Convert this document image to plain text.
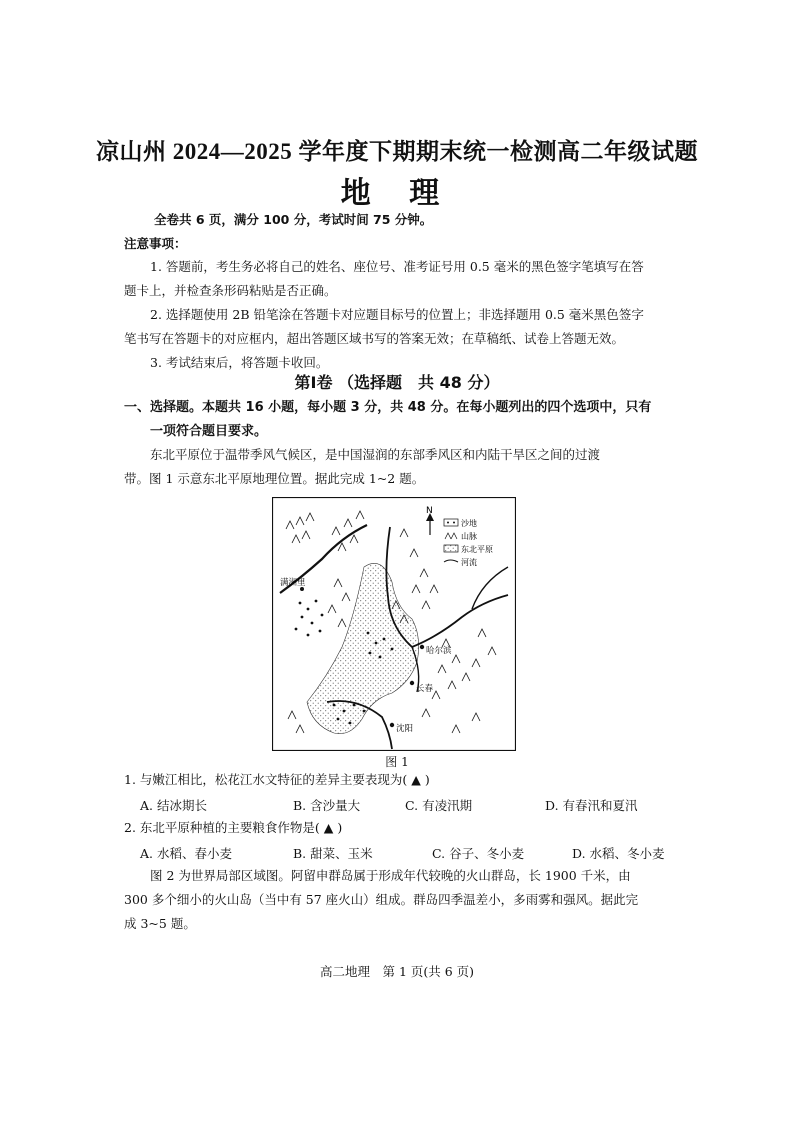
凉山州 2024—2025 学年度下期期末统一检测高二年级试题
地 理
全卷共 6 页，满分 100 分，考试时间 75 分钟。
注意事项：
1. 答题前，考生务必将自己的姓名、座位号、准考证号用 0.5 毫米的黑色签字笔填写在答
题卡上，并检查条形码粘贴是否正确。
2. 选择题使用 2B 铅笔涂在答题卡对应题目标号的位置上；非选择题用 0.5 毫米黑色签字
笔书写在答题卡的对应框内，超出答题区域书写的答案无效；在草稿纸、试卷上答题无效。
3. 考试结束后，将答题卡收回。
第Ⅰ卷 （选择题　共 48 分）
一、选择题。本题共 16 小题，每小题 3 分，共 48 分。在每小题列出的四个选项中，只有
一项符合题目要求。
东北平原位于温带季风气候区，是中国湿润的东部季风区和内陆干旱区之间的过渡
带。图 1 示意东北平原地理位置。据此完成 1~2 题。
满洲里
哈尔滨
长春
沈阳
N
沙地
山脉
东北平原
河流
图 1
1. 与嫩江相比，松花江水文特征的差异主要表现为( ▲ )
A. 结冰期长	B. 含沙量大	C. 有凌汛期	D. 有春汛和夏汛
2. 东北平原种植的主要粮食作物是( ▲ )
A. 水稻、春小麦	B. 甜菜、玉米	C. 谷子、冬小麦	D. 水稻、冬小麦
图 2 为世界局部区域图。阿留申群岛属于形成年代较晚的火山群岛，长 1900 千米，由
300 多个细小的火山岛（当中有 57 座火山）组成。群岛四季温差小，多雨雾和强风。据此完
成 3~5 题。
高二地理　第 1 页(共 6 页)
